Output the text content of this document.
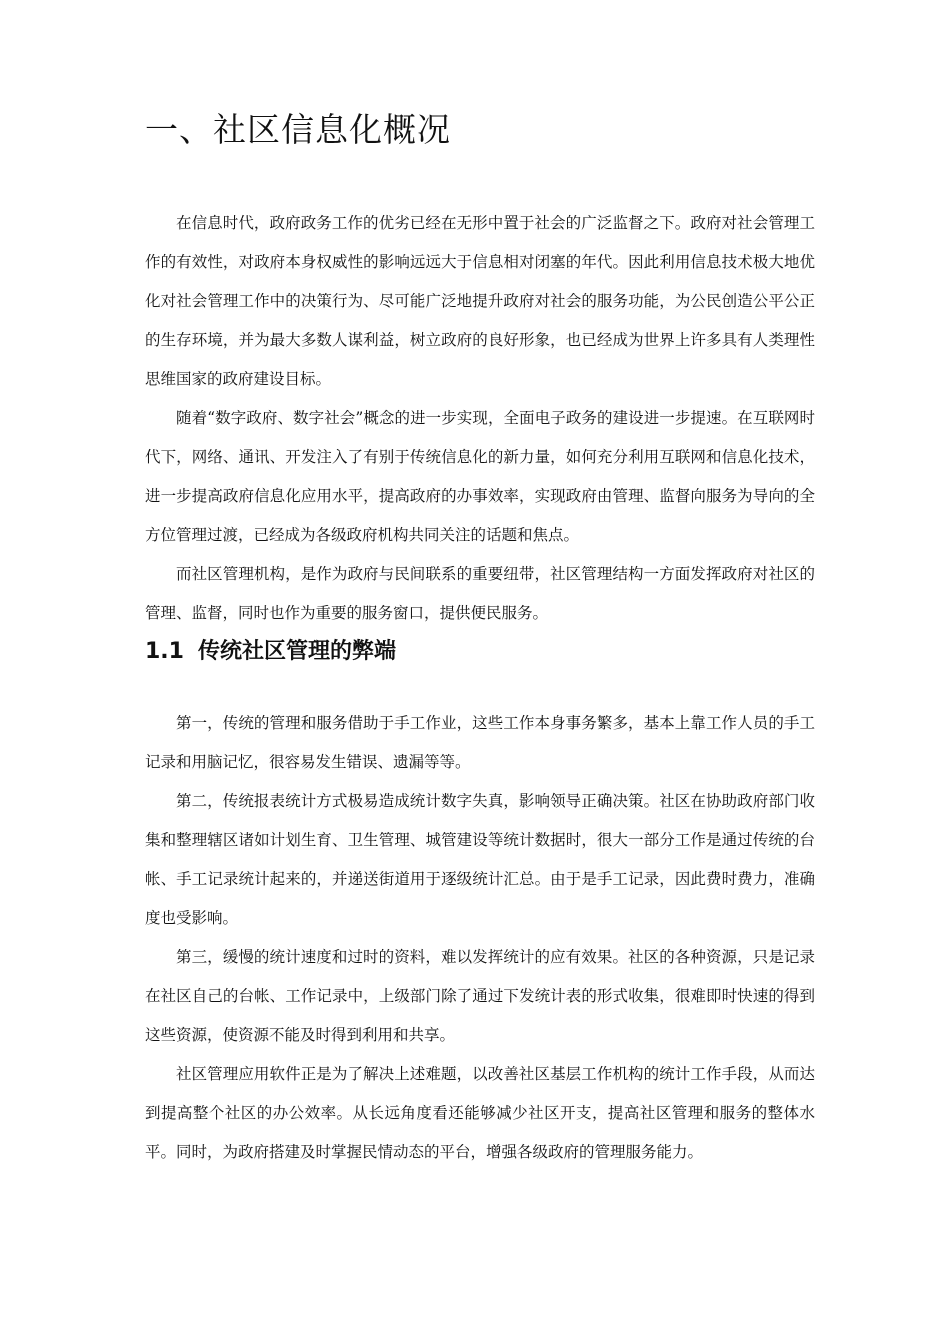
一、社区信息化概况

在信息时代，政府政务工作的优劣已经在无形中置于社会的广泛监督之下。政府对社会管理工作的有效性，对政府本身权威性的影响远远大于信息相对闭塞的年代。因此利用信息技术极大地优化对社会管理工作中的决策行为、尽可能广泛地提升政府对社会的服务功能，为公民创造公平公正的生存环境，并为最大多数人谋利益，树立政府的良好形象，也已经成为世界上许多具有人类理性思维国家的政府建设目标。

随着“数字政府、数字社会”概念的进一步实现，全面电子政务的建设进一步提速。在互联网时代下，网络、通讯、开发注入了有别于传统信息化的新力量，如何充分利用互联网和信息化技术，进一步提高政府信息化应用水平，提高政府的办事效率，实现政府由管理、监督向服务为导向的全方位管理过渡，已经成为各级政府机构共同关注的话题和焦点。

而社区管理机构，是作为政府与民间联系的重要纽带，社区管理结构一方面发挥政府对社区的管理、监督，同时也作为重要的服务窗口，提供便民服务。

1.1 传统社区管理的弊端

第一，传统的管理和服务借助于手工作业，这些工作本身事务繁多，基本上靠工作人员的手工记录和用脑记忆，很容易发生错误、遗漏等等。

第二，传统报表统计方式极易造成统计数字失真，影响领导正确决策。社区在协助政府部门收集和整理辖区诸如计划生育、卫生管理、城管建设等统计数据时，很大一部分工作是通过传统的台帐、手工记录统计起来的，并递送街道用于逐级统计汇总。由于是手工记录，因此费时费力，准确度也受影响。

第三，缓慢的统计速度和过时的资料，难以发挥统计的应有效果。社区的各种资源，只是记录在社区自己的台帐、工作记录中，上级部门除了通过下发统计表的形式收集，很难即时快速的得到这些资源，使资源不能及时得到利用和共享。

社区管理应用软件正是为了解决上述难题，以改善社区基层工作机构的统计工作手段，从而达到提高整个社区的办公效率。从长远角度看还能够减少社区开支，提高社区管理和服务的整体水平。同时，为政府搭建及时掌握民情动态的平台，增强各级政府的管理服务能力。
